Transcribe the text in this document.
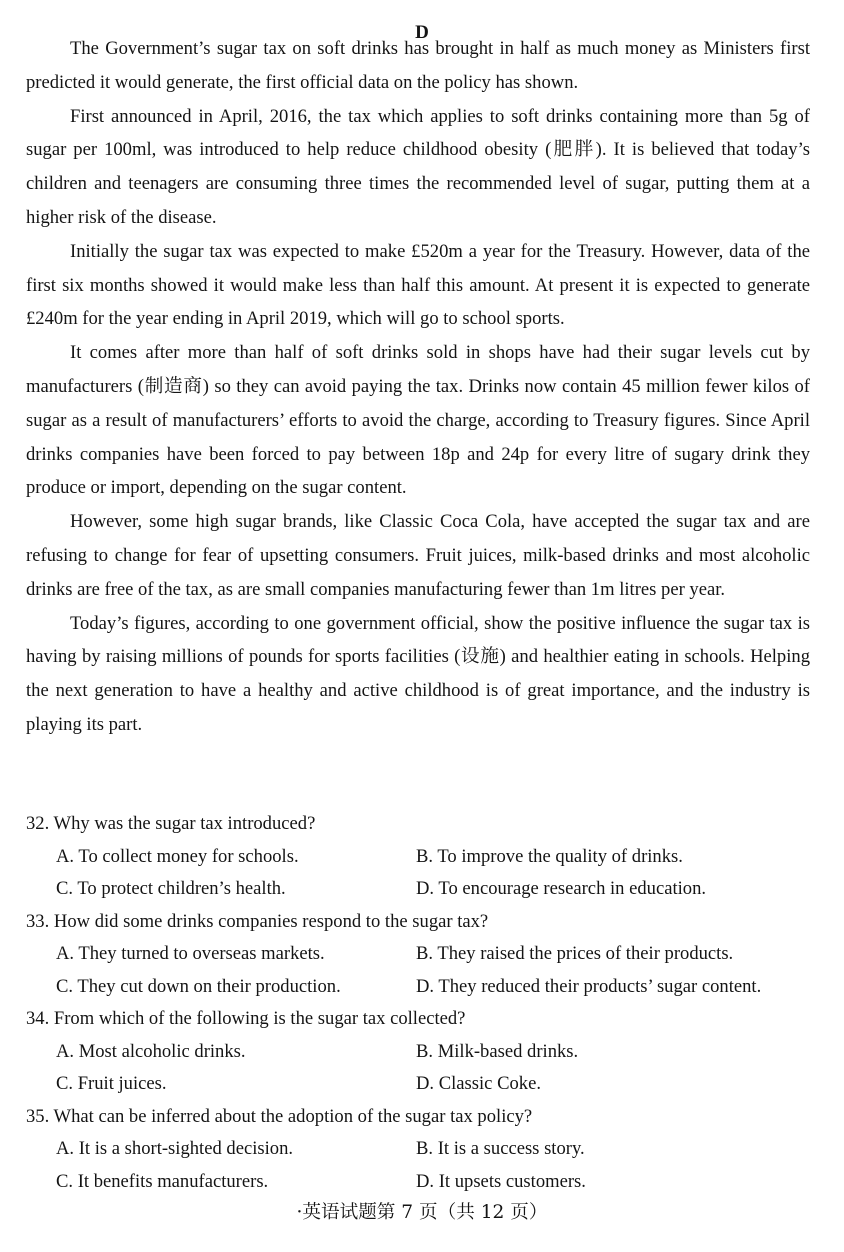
D

The Government’s sugar tax on soft drinks has brought in half as much money as Ministers first predicted it would generate, the first official data on the policy has shown.

First announced in April, 2016, the tax which applies to soft drinks containing more than 5g of sugar per 100ml, was introduced to help reduce childhood obesity (肥胖). It is believed that today’s children and teenagers are consuming three times the recommended level of sugar, putting them at a higher risk of the disease.

Initially the sugar tax was expected to make £520m a year for the Treasury. However, data of the first six months showed it would make less than half this amount. At present it is expected to generate £240m for the year ending in April 2019, which will go to school sports.

It comes after more than half of soft drinks sold in shops have had their sugar levels cut by manufacturers (制造商) so they can avoid paying the tax. Drinks now contain 45 million fewer kilos of sugar as a result of manufacturers’ efforts to avoid the charge, according to Treasury figures. Since April drinks companies have been forced to pay between 18p and 24p for every litre of sugary drink they produce or import, depending on the sugar content.

However, some high sugar brands, like Classic Coca Cola, have accepted the sugar tax and are refusing to change for fear of upsetting consumers. Fruit juices, milk-based drinks and most alcoholic drinks are free of the tax, as are small companies manufacturing fewer than 1m litres per year.

Today’s figures, according to one government official, show the positive influence the sugar tax is having by raising millions of pounds for sports facilities (设施) and healthier eating in schools. Helping the next generation to have a healthy and active childhood is of great importance, and the industry is playing its part.

32. Why was the sugar tax introduced?

A. To collect money for schools.	B. To improve the quality of drinks.
C. To protect children’s health.	D. To encourage research in education.

33. How did some drinks companies respond to the sugar tax?

A. They turned to overseas markets.	B. They raised the prices of their products.
C. They cut down on their production.	D. They reduced their products’ sugar content.

34. From which of the following is the sugar tax collected?

A. Most alcoholic drinks.	B. Milk-based drinks.
C. Fruit juices.	D. Classic Coke.

35. What can be inferred about the adoption of the sugar tax policy?

A. It is a short-sighted decision.	B. It is a success story.
C. It benefits manufacturers.	D. It upsets customers.
·英语试题第 7 页（共 12 页）
